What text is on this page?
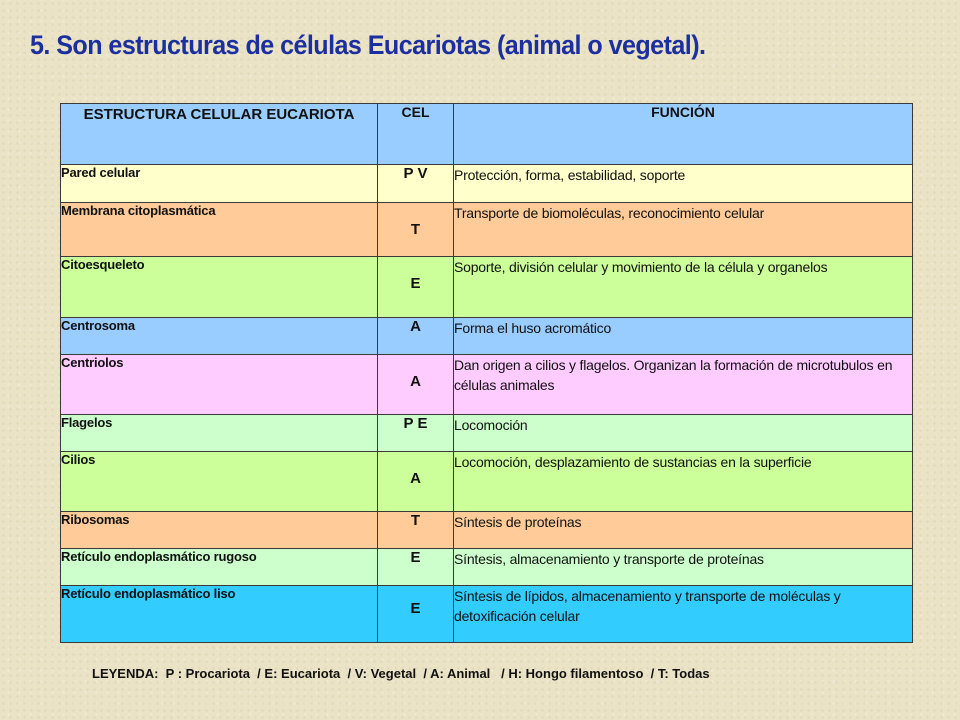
5. Son estructuras de células Eucariotas (animal o vegetal).
ESTRUCTURA CELULAR EUCARIOTA	CEL	FUNCIÓN
Pared celular	P V	Protección, forma, estabilidad, soporte
Membrana citoplasmática	T	Transporte de biomoléculas, reconocimiento celular
Citoesqueleto	E	Soporte, división celular y movimiento de la célula y organelos
Centrosoma	A	Forma el huso acromático
Centriolos	A	Dan origen a cilios y flagelos. Organizan la formación de microtubulos en células animales
Flagelos	P E	Locomoción
Cilios	A	Locomoción, desplazamiento de sustancias en la superficie
Ribosomas	T	Síntesis de proteínas
Retículo endoplasmático rugoso	E	Síntesis, almacenamiento y transporte de proteínas
Retículo endoplasmático liso	E	Síntesis de lípidos, almacenamiento y transporte de moléculas y detoxificación celular
LEYENDA:  P : Procariota  / E: Eucariota  / V: Vegetal  / A: Animal   / H: Hongo filamentoso  / T: Todas
